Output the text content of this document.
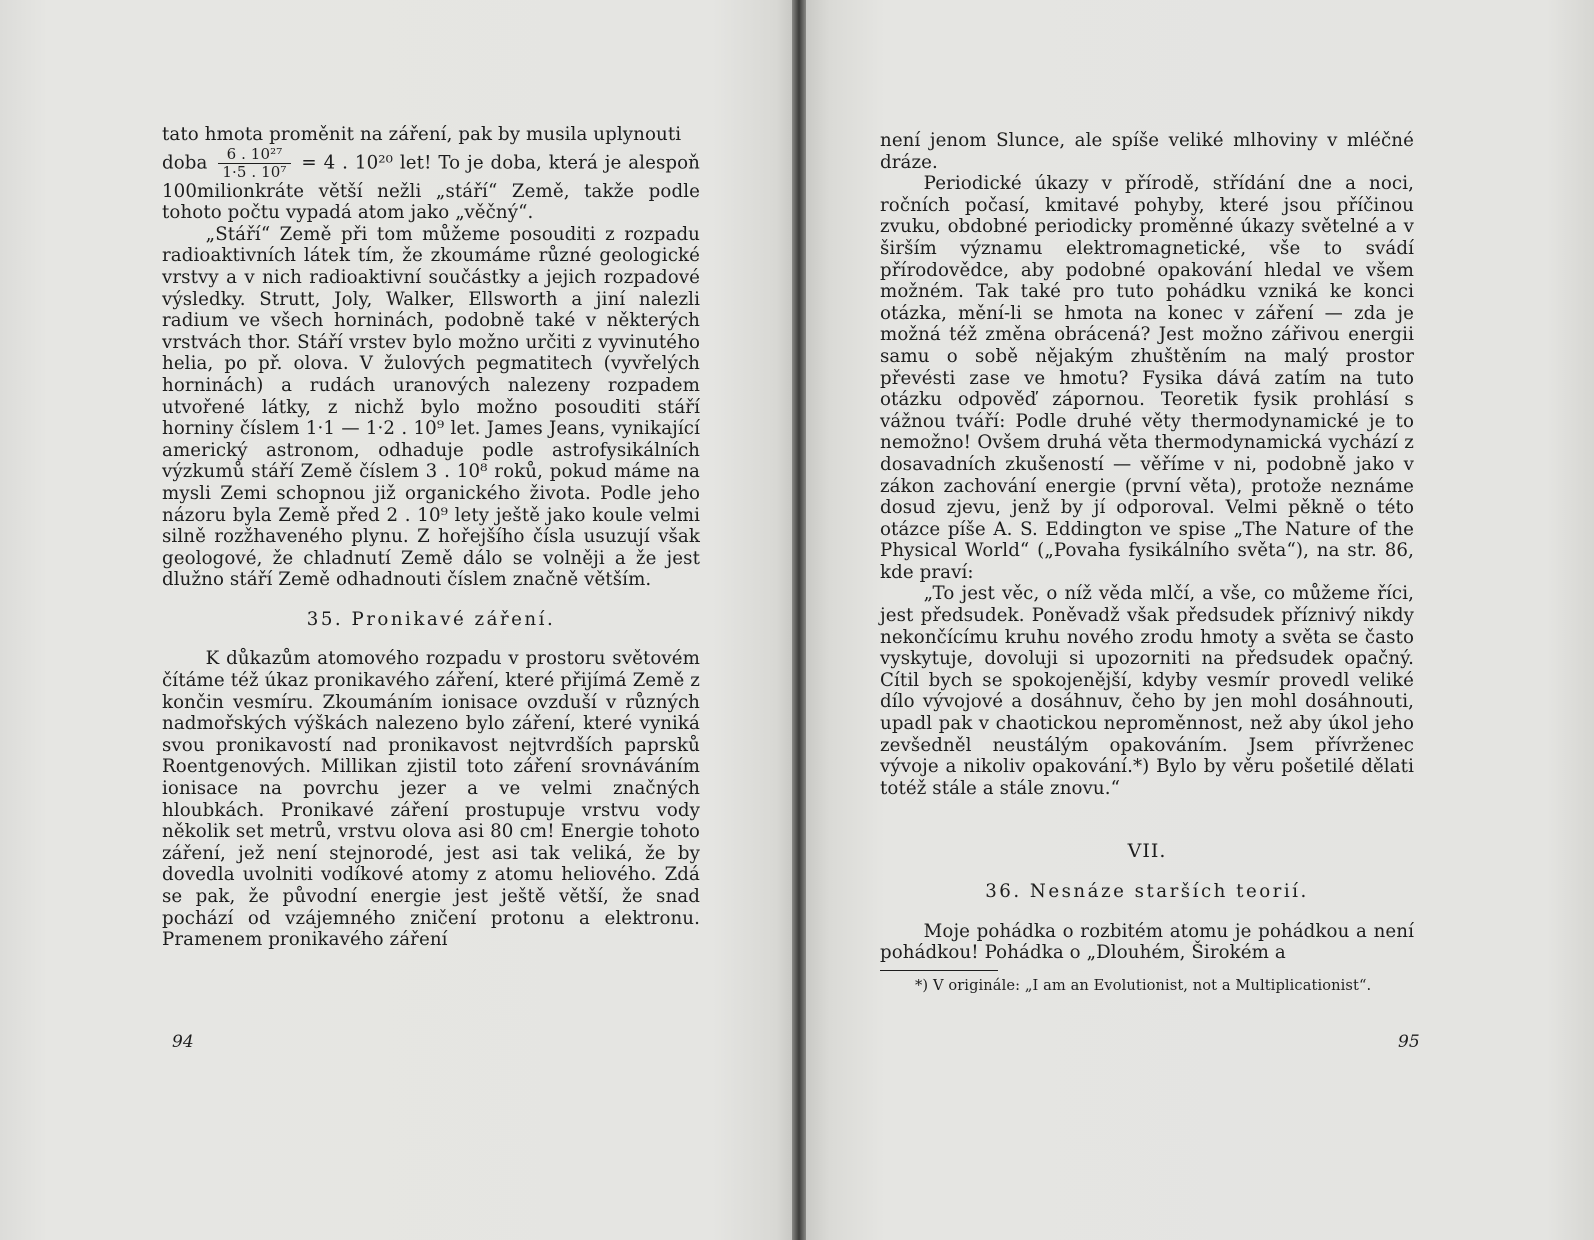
tato hmota proměnit na záření, pak by musila uplynouti

doba $\frac{\text{6 . 10²⁷}}{\text{1·5 . 10⁷}} = 4$ . 10²⁰ let! To je doba, která je alespoň 100milionkráte větší nežli „stáří“ Země, takže podle tohoto počtu vypadá atom jako „věčný“.

„Stáří“ Země při tom můžeme posouditi z rozpadu radioaktivních látek tím, že zkoumáme různé geologické vrstvy a v nich radioaktivní součástky a jejich rozpadové výsledky. Strutt, Joly, Walker, Ellsworth a jiní nalezli radium ve všech horninách, podobně také v některých vrstvách thor. Stáří vrstev bylo možno určiti z vyvinutého helia, po př. olova. V žulových pegmatitech (vyvřelých horninách) a rudách uranových nalezeny rozpadem utvořené látky, z nichž bylo možno posouditi stáří horniny číslem 1·1 — 1·2 . 10⁹ let. James Jeans, vynikající americký astronom, odhaduje podle astrofysikálních výzkumů stáří Země číslem 3 . 10⁸ roků, pokud máme na mysli Zemi schopnou již organického života. Podle jeho názoru byla Země před 2 . 10⁹ lety ještě jako koule velmi silně rozžhaveného plynu. Z hořejšího čísla usuzují však geologové, že chladnutí Země dálo se volněji a že jest dlužno stáří Země odhadnouti číslem značně větším.

35. Pronikavé záření.

K důkazům atomového rozpadu v prostoru světovém čítáme též úkaz pronikavého záření, které přijímá Země z končin vesmíru. Zkoumáním ionisace ovzduší v různých nadmořských výškách nalezeno bylo záření, které vyniká svou pronikavostí nad pronikavost nejtvrdších paprsků Roentgenových. Millikan zjistil toto záření srovnáváním ionisace na povrchu jezer a ve velmi značných hloubkách. Pronikavé záření prostupuje vrstvu vody několik set metrů, vrstvu olova asi 80 cm! Energie tohoto záření, jež není stejnorodé, jest asi tak veliká, že by dovedla uvolniti vodíkové atomy z atomu heliového. Zdá se pak, že původní energie jest ještě větší, že snad pochází od vzájemného zničení protonu a elektronu. Pramenem pronikavého záření

94

není jenom Slunce, ale spíše veliké mlhoviny v mléčné dráze.

Periodické úkazy v přírodě, střídání dne a noci, ročních počasí, kmitavé pohyby, které jsou příčinou zvuku, obdobné periodicky proměnné úkazy světelné a v širším významu elektromagnetické, vše to svádí přírodovědce, aby podobné opakování hledal ve všem možném. Tak také pro tuto pohádku vzniká ke konci otázka, mění-li se hmota na konec v záření — zda je možná též změna obrácená? Jest možno zářivou energii samu o sobě nějakým zhuštěním na malý prostor převésti zase ve hmotu? Fysika dává zatím na tuto otázku odpověď zápornou. Teoretik fysik prohlásí s vážnou tváří: Podle druhé věty thermodynamické je to nemožno! Ovšem druhá věta thermodynamická vychází z dosavadních zkušeností — věříme v ni, podobně jako v zákon zachování energie (první věta), protože neznáme dosud zjevu, jenž by jí odporoval. Velmi pěkně o této otázce píše A. S. Eddington ve spise „The Nature of the Physical World“ („Povaha fysikálního světa“), na str. 86, kde praví:

„To jest věc, o níž věda mlčí, a vše, co můžeme říci, jest předsudek. Poněvadž však předsudek příznivý nikdy nekončícímu kruhu nového zrodu hmoty a světa se často vyskytuje, dovoluji si upozorniti na předsudek opačný. Cítil bych se spokojenější, kdyby vesmír provedl veliké dílo vývojové a dosáhnuv, čeho by jen mohl dosáhnouti, upadl pak v chaotickou neproměnnost, než aby úkol jeho zevšedněl neustálým opakováním. Jsem přívrženec vývoje a nikoliv opakování.*) Bylo by věru pošetilé dělati totéž stále a stále znovu.“

VII.
36. Nesnáze starších teorií.

Moje pohádka o rozbitém atomu je pohádkou a není pohádkou! Pohádka o „Dlouhém, Širokém a

*) V originále: „I am an Evolutionist, not a Multiplicationist“.

95
